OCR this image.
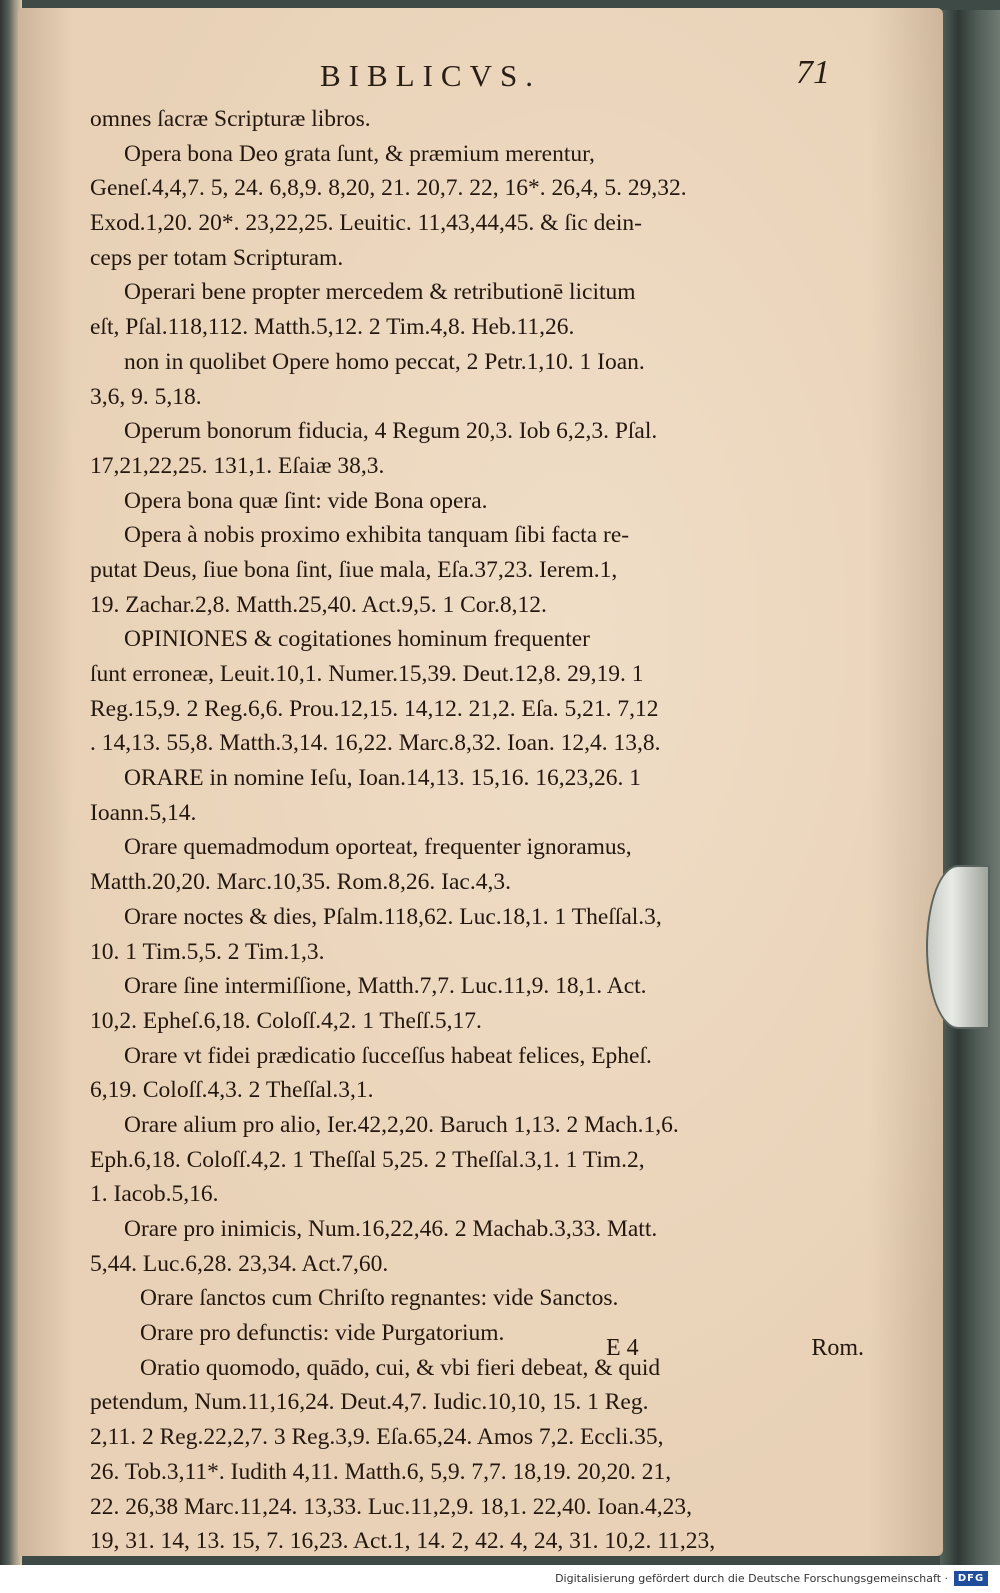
BIBLICVS.	71
omnes ſacræ Scripturæ libros.
Opera bona Deo grata ſunt, & præmium merentur,
Geneſ.4,4,7. 5, 24. 6,8,9. 8,20, 21. 20,7. 22, 16*. 26,4, 5. 29,32.
Exod.1,20. 20*. 23,22,25. Leuitic. 11,43,44,45. & ſic dein-
ceps per totam Scripturam.
Operari bene propter mercedem & retributionē licitum
eſt, Pſal.118,112. Matth.5,12. 2 Tim.4,8. Heb.11,26.
non in quolibet Opere homo peccat, 2 Petr.1,10. 1 Ioan.
3,6, 9. 5,18.
Operum bonorum fiducia, 4 Regum 20,3. Iob 6,2,3. Pſal.
17,21,22,25. 131,1. Eſaiæ 38,3.
Opera bona quæ ſint: vide Bona opera.
Opera à nobis proximo exhibita tanquam ſibi facta re-
putat Deus, ſiue bona ſint, ſiue mala, Eſa.37,23. Ierem.1,
19. Zachar.2,8. Matth.25,40. Act.9,5. 1 Cor.8,12.
OPINIONES & cogitationes hominum frequenter
ſunt erroneæ, Leuit.10,1. Numer.15,39. Deut.12,8. 29,19. 1
Reg.15,9. 2 Reg.6,6. Prou.12,15. 14,12. 21,2. Eſa. 5,21. 7,12
. 14,13. 55,8. Matth.3,14. 16,22. Marc.8,32. Ioan. 12,4. 13,8.
ORARE in nomine Ieſu, Ioan.14,13. 15,16. 16,23,26. 1
Ioann.5,14.
Orare quemadmodum oporteat, frequenter ignoramus,
Matth.20,20. Marc.10,35. Rom.8,26. Iac.4,3.
Orare noctes & dies, Pſalm.118,62. Luc.18,1. 1 Theſſal.3,
10. 1 Tim.5,5. 2 Tim.1,3.
Orare ſine intermiſſione, Matth.7,7. Luc.11,9. 18,1. Act.
10,2. Epheſ.6,18. Coloſſ.4,2. 1 Theſſ.5,17.
Orare vt fidei prædicatio ſucceſſus habeat felices, Epheſ.
6,19. Coloſſ.4,3. 2 Theſſal.3,1.
Orare alium pro alio, Ier.42,2,20. Baruch 1,13. 2 Mach.1,6.
Eph.6,18. Coloſſ.4,2. 1 Theſſal 5,25. 2 Theſſal.3,1. 1 Tim.2,
1. Iacob.5,16.
Orare pro inimicis, Num.16,22,46. 2 Machab.3,33. Matt.
5,44. Luc.6,28. 23,34. Act.7,60.
Orare ſanctos cum Chriſto regnantes: vide Sanctos.
Orare pro defunctis: vide Purgatorium.
Oratio quomodo, quādo, cui, & vbi fieri debeat, & quid
petendum, Num.11,16,24. Deut.4,7. Iudic.10,10, 15. 1 Reg.
2,11. 2 Reg.22,2,7. 3 Reg.3,9. Eſa.65,24. Amos 7,2. Eccli.35,
26. Tob.3,11*. Iudith 4,11. Matth.6, 5,9. 7,7. 18,19. 20,20. 21,
22. 26,38 Marc.11,24. 13,33. Luc.11,2,9. 18,1. 22,40. Ioan.4,23,
19, 31. 14, 13. 15, 7. 16,23. Act.1, 14. 2, 42. 4, 24, 31. 10,2. 11,23,
E 4	Rom.
Digitalisierung gefördert durch die Deutsche Forschungsgemeinschaft · DFG
